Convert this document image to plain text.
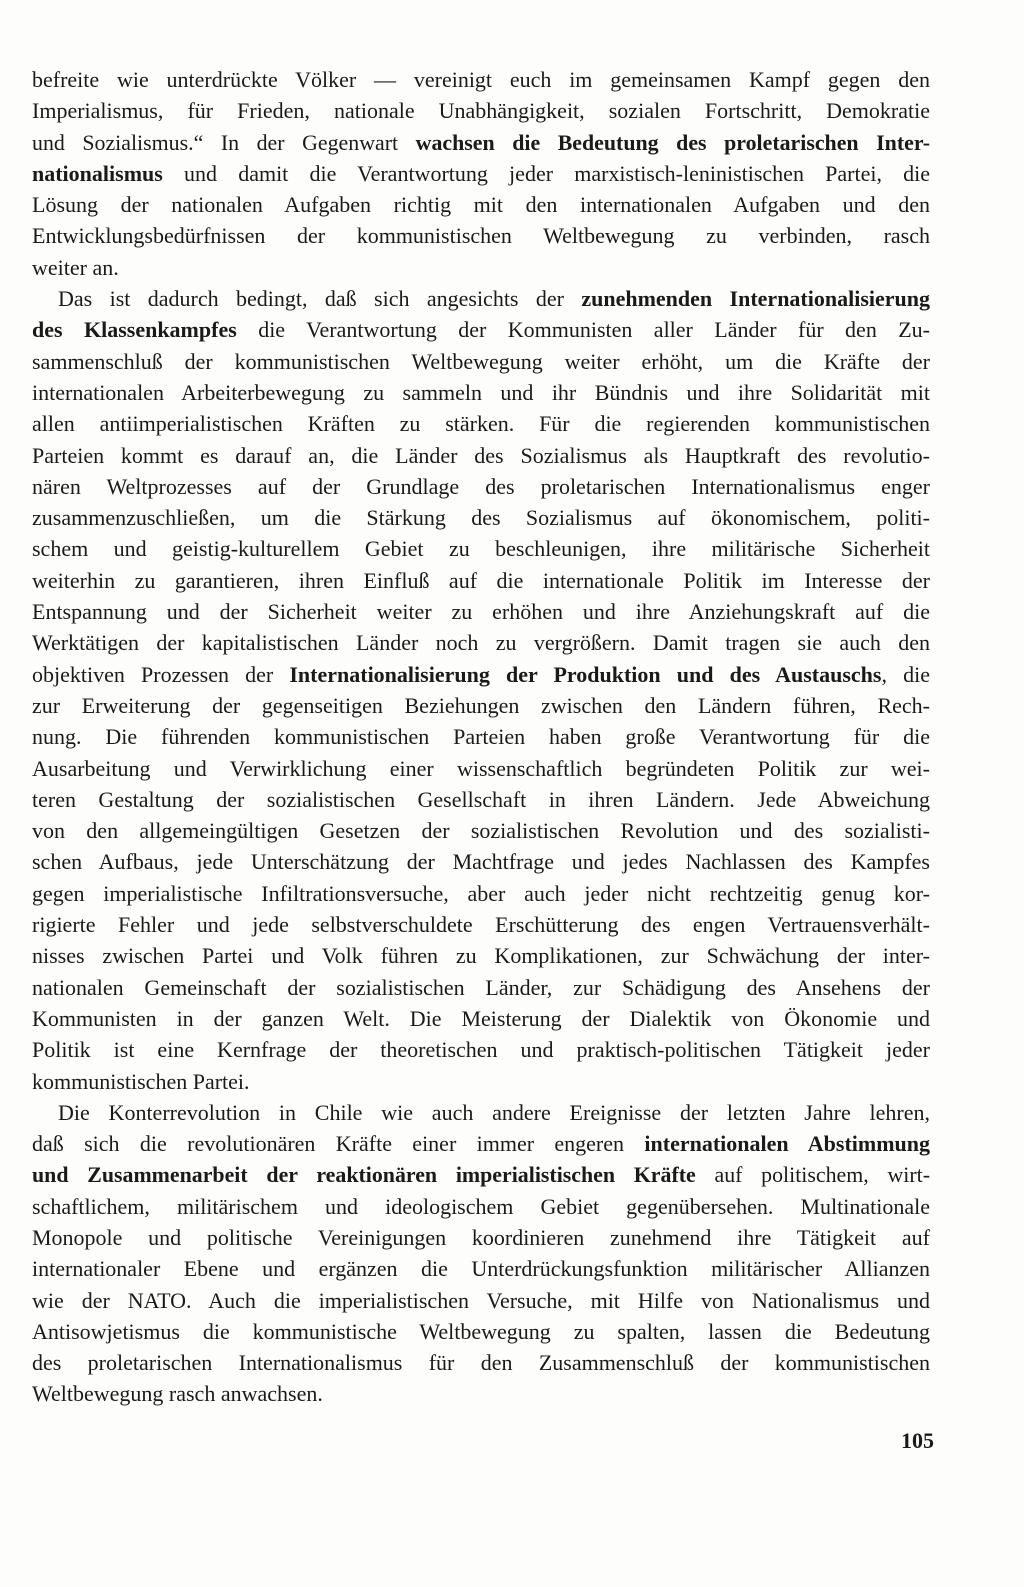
befreite wie unterdrückte Völker — vereinigt euch im gemeinsamen Kampf gegen den
Imperialismus, für Frieden, nationale Unabhängigkeit, sozialen Fortschritt, Demokratie
und Sozialismus.“ In der Gegenwart wachsen die Bedeutung des proletarischen Inter-
nationalismus und damit die Verantwortung jeder marxistisch-leninistischen Partei, die
Lösung der nationalen Aufgaben richtig mit den internationalen Aufgaben und den
Entwicklungsbedürfnissen der kommunistischen Weltbewegung zu verbinden, rasch
weiter an.
Das ist dadurch bedingt, daß sich angesichts der zunehmenden Internationalisierung
des Klassenkampfes die Verantwortung der Kommunisten aller Länder für den Zu-
sammenschluß der kommunistischen Weltbewegung weiter erhöht, um die Kräfte der
internationalen Arbeiterbewegung zu sammeln und ihr Bündnis und ihre Solidarität mit
allen antiimperialistischen Kräften zu stärken. Für die regierenden kommunistischen
Parteien kommt es darauf an, die Länder des Sozialismus als Hauptkraft des revolutio-
nären Weltprozesses auf der Grundlage des proletarischen Internationalismus enger
zusammenzuschließen, um die Stärkung des Sozialismus auf ökonomischem, politi-
schem und geistig-kulturellem Gebiet zu beschleunigen, ihre militärische Sicherheit
weiterhin zu garantieren, ihren Einfluß auf die internationale Politik im Interesse der
Entspannung und der Sicherheit weiter zu erhöhen und ihre Anziehungskraft auf die
Werktätigen der kapitalistischen Länder noch zu vergrößern. Damit tragen sie auch den
objektiven Prozessen der Internationalisierung der Produktion und des Austauschs, die
zur Erweiterung der gegenseitigen Beziehungen zwischen den Ländern führen, Rech-
nung. Die führenden kommunistischen Parteien haben große Verantwortung für die
Ausarbeitung und Verwirklichung einer wissenschaftlich begründeten Politik zur wei-
teren Gestaltung der sozialistischen Gesellschaft in ihren Ländern. Jede Abweichung
von den allgemeingültigen Gesetzen der sozialistischen Revolution und des sozialisti-
schen Aufbaus, jede Unterschätzung der Machtfrage und jedes Nachlassen des Kampfes
gegen imperialistische Infiltrationsversuche, aber auch jeder nicht rechtzeitig genug kor-
rigierte Fehler und jede selbstverschuldete Erschütterung des engen Vertrauensverhält-
nisses zwischen Partei und Volk führen zu Komplikationen, zur Schwächung der inter-
nationalen Gemeinschaft der sozialistischen Länder, zur Schädigung des Ansehens der
Kommunisten in der ganzen Welt. Die Meisterung der Dialektik von Ökonomie und
Politik ist eine Kernfrage der theoretischen und praktisch-politischen Tätigkeit jeder
kommunistischen Partei.
Die Konterrevolution in Chile wie auch andere Ereignisse der letzten Jahre lehren,
daß sich die revolutionären Kräfte einer immer engeren internationalen Abstimmung
und Zusammenarbeit der reaktionären imperialistischen Kräfte auf politischem, wirt-
schaftlichem, militärischem und ideologischem Gebiet gegenübersehen. Multinationale
Monopole und politische Vereinigungen koordinieren zunehmend ihre Tätigkeit auf
internationaler Ebene und ergänzen die Unterdrückungsfunktion militärischer Allianzen
wie der NATO. Auch die imperialistischen Versuche, mit Hilfe von Nationalismus und
Antisowjetismus die kommunistische Weltbewegung zu spalten, lassen die Bedeutung
des proletarischen Internationalismus für den Zusammenschluß der kommunistischen
Weltbewegung rasch anwachsen.
105
